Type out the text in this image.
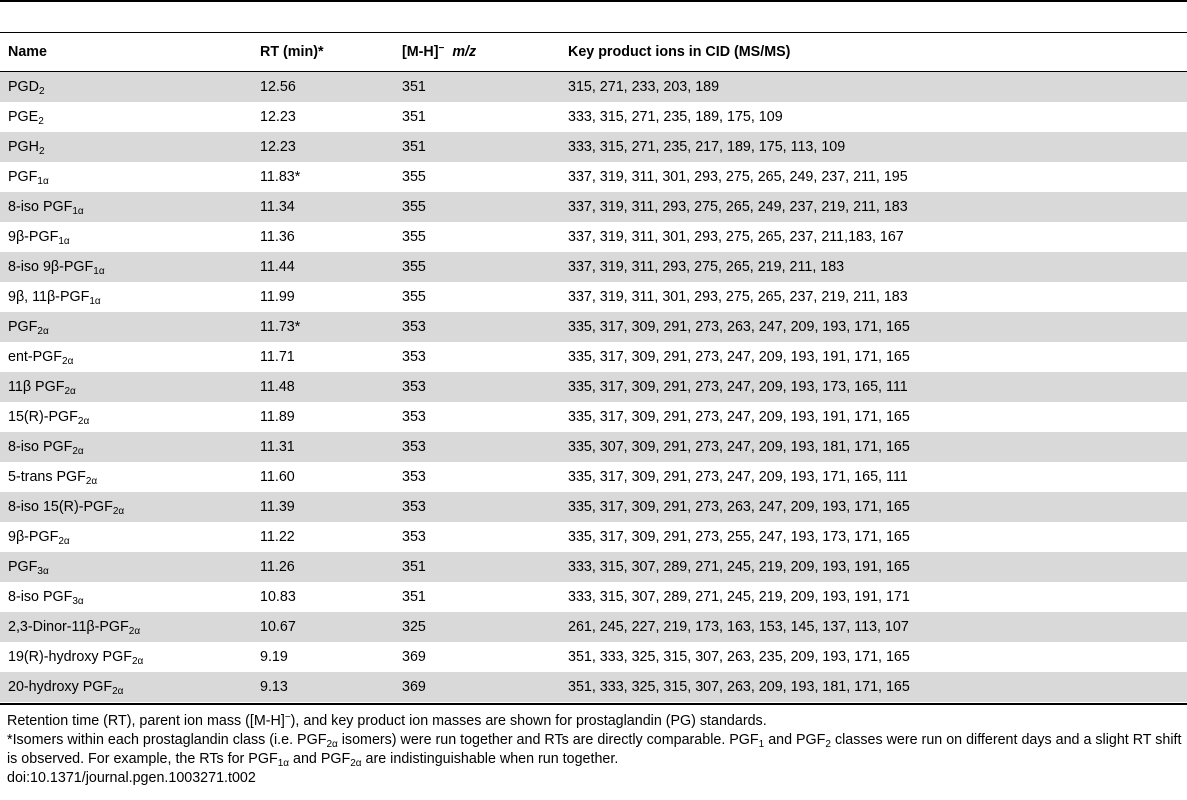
Name	RT (min)*	[M-H]− m/z	Key product ions in CID (MS/MS)
$PGD_2$	12.56	351	315, 271, 233, 203, 189
$PGE_2$	12.23	351	333, 315, 271, 235, 189, 175, 109
$PGH_2$	12.23	351	333, 315, 271, 235, 217, 189, 175, 113, 109
$PGF_{1\alpha}$	11.83*	355	337, 319, 311, 301, 293, 275, 265, 249, 237, 211, 195
8-iso $PGF_{1\alpha}$	11.34	355	337, 319, 311, 293, 275, 265, 249, 237, 219, 211, 183
$9\beta-PGF_{1\alpha}$	11.36	355	337, 319, 311, 301, 293, 275, 265, 237, 211,183, 167
8-iso $9\beta-PGF_{1\alpha}$	11.44	355	337, 319, 311, 293, 275, 265, 219, 211, 183
9β, $11\beta-PGF_{1\alpha}$	11.99	355	337, 319, 311, 301, 293, 275, 265, 237, 219, 211, 183
$PGF_{2\alpha}$	11.73*	353	335, 317, 309, 291, 273, 263, 247, 209, 193, 171, 165
ent-$PGF_{2\alpha}$	11.71	353	335, 317, 309, 291, 273, 247, 209, 193, 191, 171, 165
11β $PGF_{2\alpha}$	11.48	353	335, 317, 309, 291, 273, 247, 209, 193, 173, 165, 111
$15(R)-PGF_{2\alpha}$	11.89	353	335, 317, 309, 291, 273, 247, 209, 193, 191, 171, 165
8-iso $PGF_{2\alpha}$	11.31	353	335, 307, 309, 291, 273, 247, 209, 193, 181, 171, 165
5-trans $PGF_{2\alpha}$	11.60	353	335, 317, 309, 291, 273, 247, 209, 193, 171, 165, 111
8-iso $15(R)-PGF_{2\alpha}$	11.39	353	335, 317, 309, 291, 273, 263, 247, 209, 193, 171, 165
$9\beta-PGF_{2\alpha}$	11.22	353	335, 317, 309, 291, 273, 255, 247, 193, 173, 171, 165
$PGF_{3\alpha}$	11.26	351	333, 315, 307, 289, 271, 245, 219, 209, 193, 191, 165
8-iso $PGF_{3\alpha}$	10.83	351	333, 315, 307, 289, 271, 245, 219, 209, 193, 191, 171
$2,3-Dinor-11\beta-PGF_{2\alpha}$	10.67	325	261, 245, 227, 219, 173, 163, 153, 145, 137, 113, 107
19(R)-hydroxy $PGF_{2\alpha}$	9.19	369	351, 333, 325, 315, 307, 263, 235, 209, 193, 171, 165
20-hydroxy $PGF_{2\alpha}$	9.13	369	351, 333, 325, 315, 307, 263, 209, 193, 181, 171, 165

Retention time (RT), parent ion mass ([M-H]−), and key product ion masses are shown for prostaglandin (PG) standards.

*Isomers within each prostaglandin class (i.e. $PGF_{2\alpha}$ isomers) were run together and RTs are directly comparable. $PGF_1$ and $PGF_2$ classes were run on different days and a slight RT shift is observed. For example, the RTs for $PGF_{1\alpha}$ and $PGF_{2\alpha}$ are indistinguishable when run together.

doi:10.1371/journal.pgen.1003271.t002
